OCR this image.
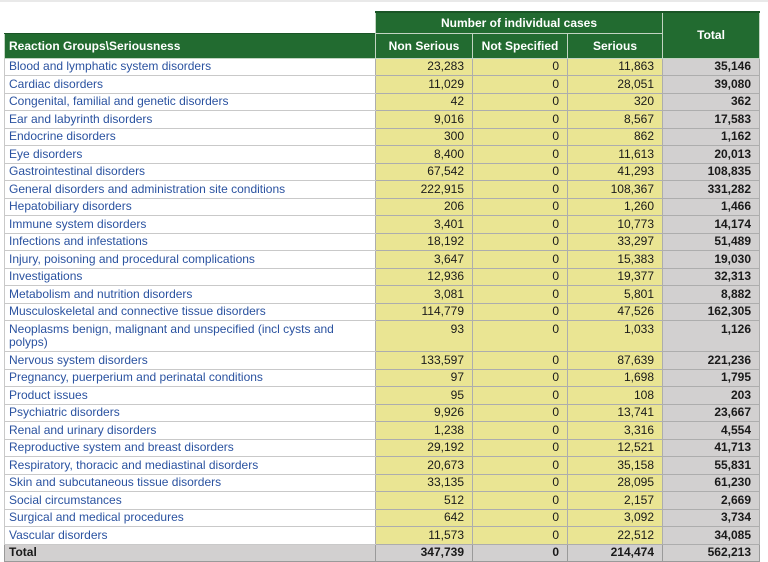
	Number of individual cases			Total
Reaction Groups\Seriousness	Non Serious	Not Specified	Serious	
Blood and lymphatic system disorders	23,283	0	11,863	35,146
Cardiac disorders	11,029	0	28,051	39,080
Congenital, familial and genetic disorders	42	0	320	362
Ear and labyrinth disorders	9,016	0	8,567	17,583
Endocrine disorders	300	0	862	1,162
Eye disorders	8,400	0	11,613	20,013
Gastrointestinal disorders	67,542	0	41,293	108,835
General disorders and administration site conditions	222,915	0	108,367	331,282
Hepatobiliary disorders	206	0	1,260	1,466
Immune system disorders	3,401	0	10,773	14,174
Infections and infestations	18,192	0	33,297	51,489
Injury, poisoning and procedural complications	3,647	0	15,383	19,030
Investigations	12,936	0	19,377	32,313
Metabolism and nutrition disorders	3,081	0	5,801	8,882
Musculoskeletal and connective tissue disorders	114,779	0	47,526	162,305
Neoplasms benign, malignant and unspecified (incl cysts and polyps)	93	0	1,033	1,126
Nervous system disorders	133,597	0	87,639	221,236
Pregnancy, puerperium and perinatal conditions	97	0	1,698	1,795
Product issues	95	0	108	203
Psychiatric disorders	9,926	0	13,741	23,667
Renal and urinary disorders	1,238	0	3,316	4,554
Reproductive system and breast disorders	29,192	0	12,521	41,713
Respiratory, thoracic and mediastinal disorders	20,673	0	35,158	55,831
Skin and subcutaneous tissue disorders	33,135	0	28,095	61,230
Social circumstances	512	0	2,157	2,669
Surgical and medical procedures	642	0	3,092	3,734
Vascular disorders	11,573	0	22,512	34,085
Total	347,739	0	214,474	562,213
